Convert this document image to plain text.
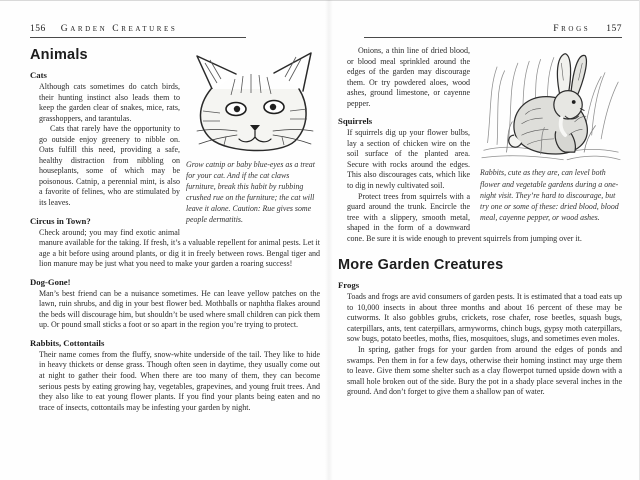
156 Garden Creatures
Grow catnip or baby blue-eyes as a treat for your cat. And if the cat claws furniture, break this habit by rubbing crushed rue on the furniture; the cat will leave it alone. Caution: Rue gives some people dermatitis.
Animals
Cats

Although cats sometimes do catch birds, their hunting instinct also leads them to keep the garden clear of snakes, mice, rats, grasshoppers, and tarantulas.

Cats that rarely have the opportunity to go outside enjoy greenery to nibble on. Oats fulfill this need, providing a safe, healthy distraction from nibbling on houseplants, some of which may be poisonous. Catnip, a perennial mint, is also a favorite of felines, who are stimulated by its leaves.

Circus in Town?

Check around; you may find exotic animal manure available for the taking. If fresh, it’s a valuable repellent for animal pests. Let it age a bit before using around plants, or dig it in freely between rows. Bengal tiger and lion manure may be just what you need to make your garden a roaring success!

Dog-Gone!

Man’s best friend can be a nuisance sometimes. He can leave yellow patches on the lawn, ruin shrubs, and dig in your best flower bed. Mothballs or naphtha flakes around the beds will discourage him, but shouldn’t be used where small children can pick them up. Or pound small sticks a foot or so apart in the region you’re trying to protect.

Rabbits, Cottontails

Their name comes from the fluffy, snow-white underside of the tail. They like to hide in heavy thickets or dense grass. Though often seen in daytime, they usually come out at night to gather their food. When there are too many of them, they can become serious pests by eating growing hay, vegetables, grapevines, and young fruit trees. And they also like to eat young flower plants. If you find your plants being eaten and no trace of insects, cottontails may be infesting your garden by night.

Frogs 157
Rabbits, cute as they are, can level both flower and vegetable gardens during a one-night visit. They’re hard to discourage, but try one or some of these: dried blood, blood meal, cayenne pepper, or wood ashes.

Onions, a thin line of dried blood, or blood meal sprinkled around the edges of the garden may discourage them. Or try powdered aloes, wood ashes, ground limestone, or cayenne pepper.

Squirrels

If squirrels dig up your flower bulbs, lay a section of chicken wire on the soil surface of the planted area. Secure with rocks around the edges. This also discourages cats, which like to dig in newly cultivated soil.

Protect trees from squirrels with a guard around the trunk. Encircle the tree with a slippery, smooth metal, shaped in the form of a downward cone. Be sure it is wide enough to prevent squirrels from jumping over it.

More Garden Creatures
Frogs

Toads and frogs are avid consumers of garden pests. It is estimated that a toad eats up to 10,000 insects in about three months and about 16 percent of these may be cutworms. It also gobbles grubs, crickets, rose chafer, rose beetles, squash bugs, caterpillars, ants, tent caterpillars, armyworms, chinch bugs, gypsy moth caterpillars, sow bugs, potato beetles, moths, flies, mosquitoes, slugs, and sometimes even moles.

In spring, gather frogs for your garden from around the edges of ponds and swamps. Pen them in for a few days, otherwise their homing instinct may urge them to leave. Give them some shelter such as a clay flowerpot turned upside down with a small hole broken out of the side. Bury the pot in a shady place several inches in the ground. And don’t forget to give them a shallow pan of water.
